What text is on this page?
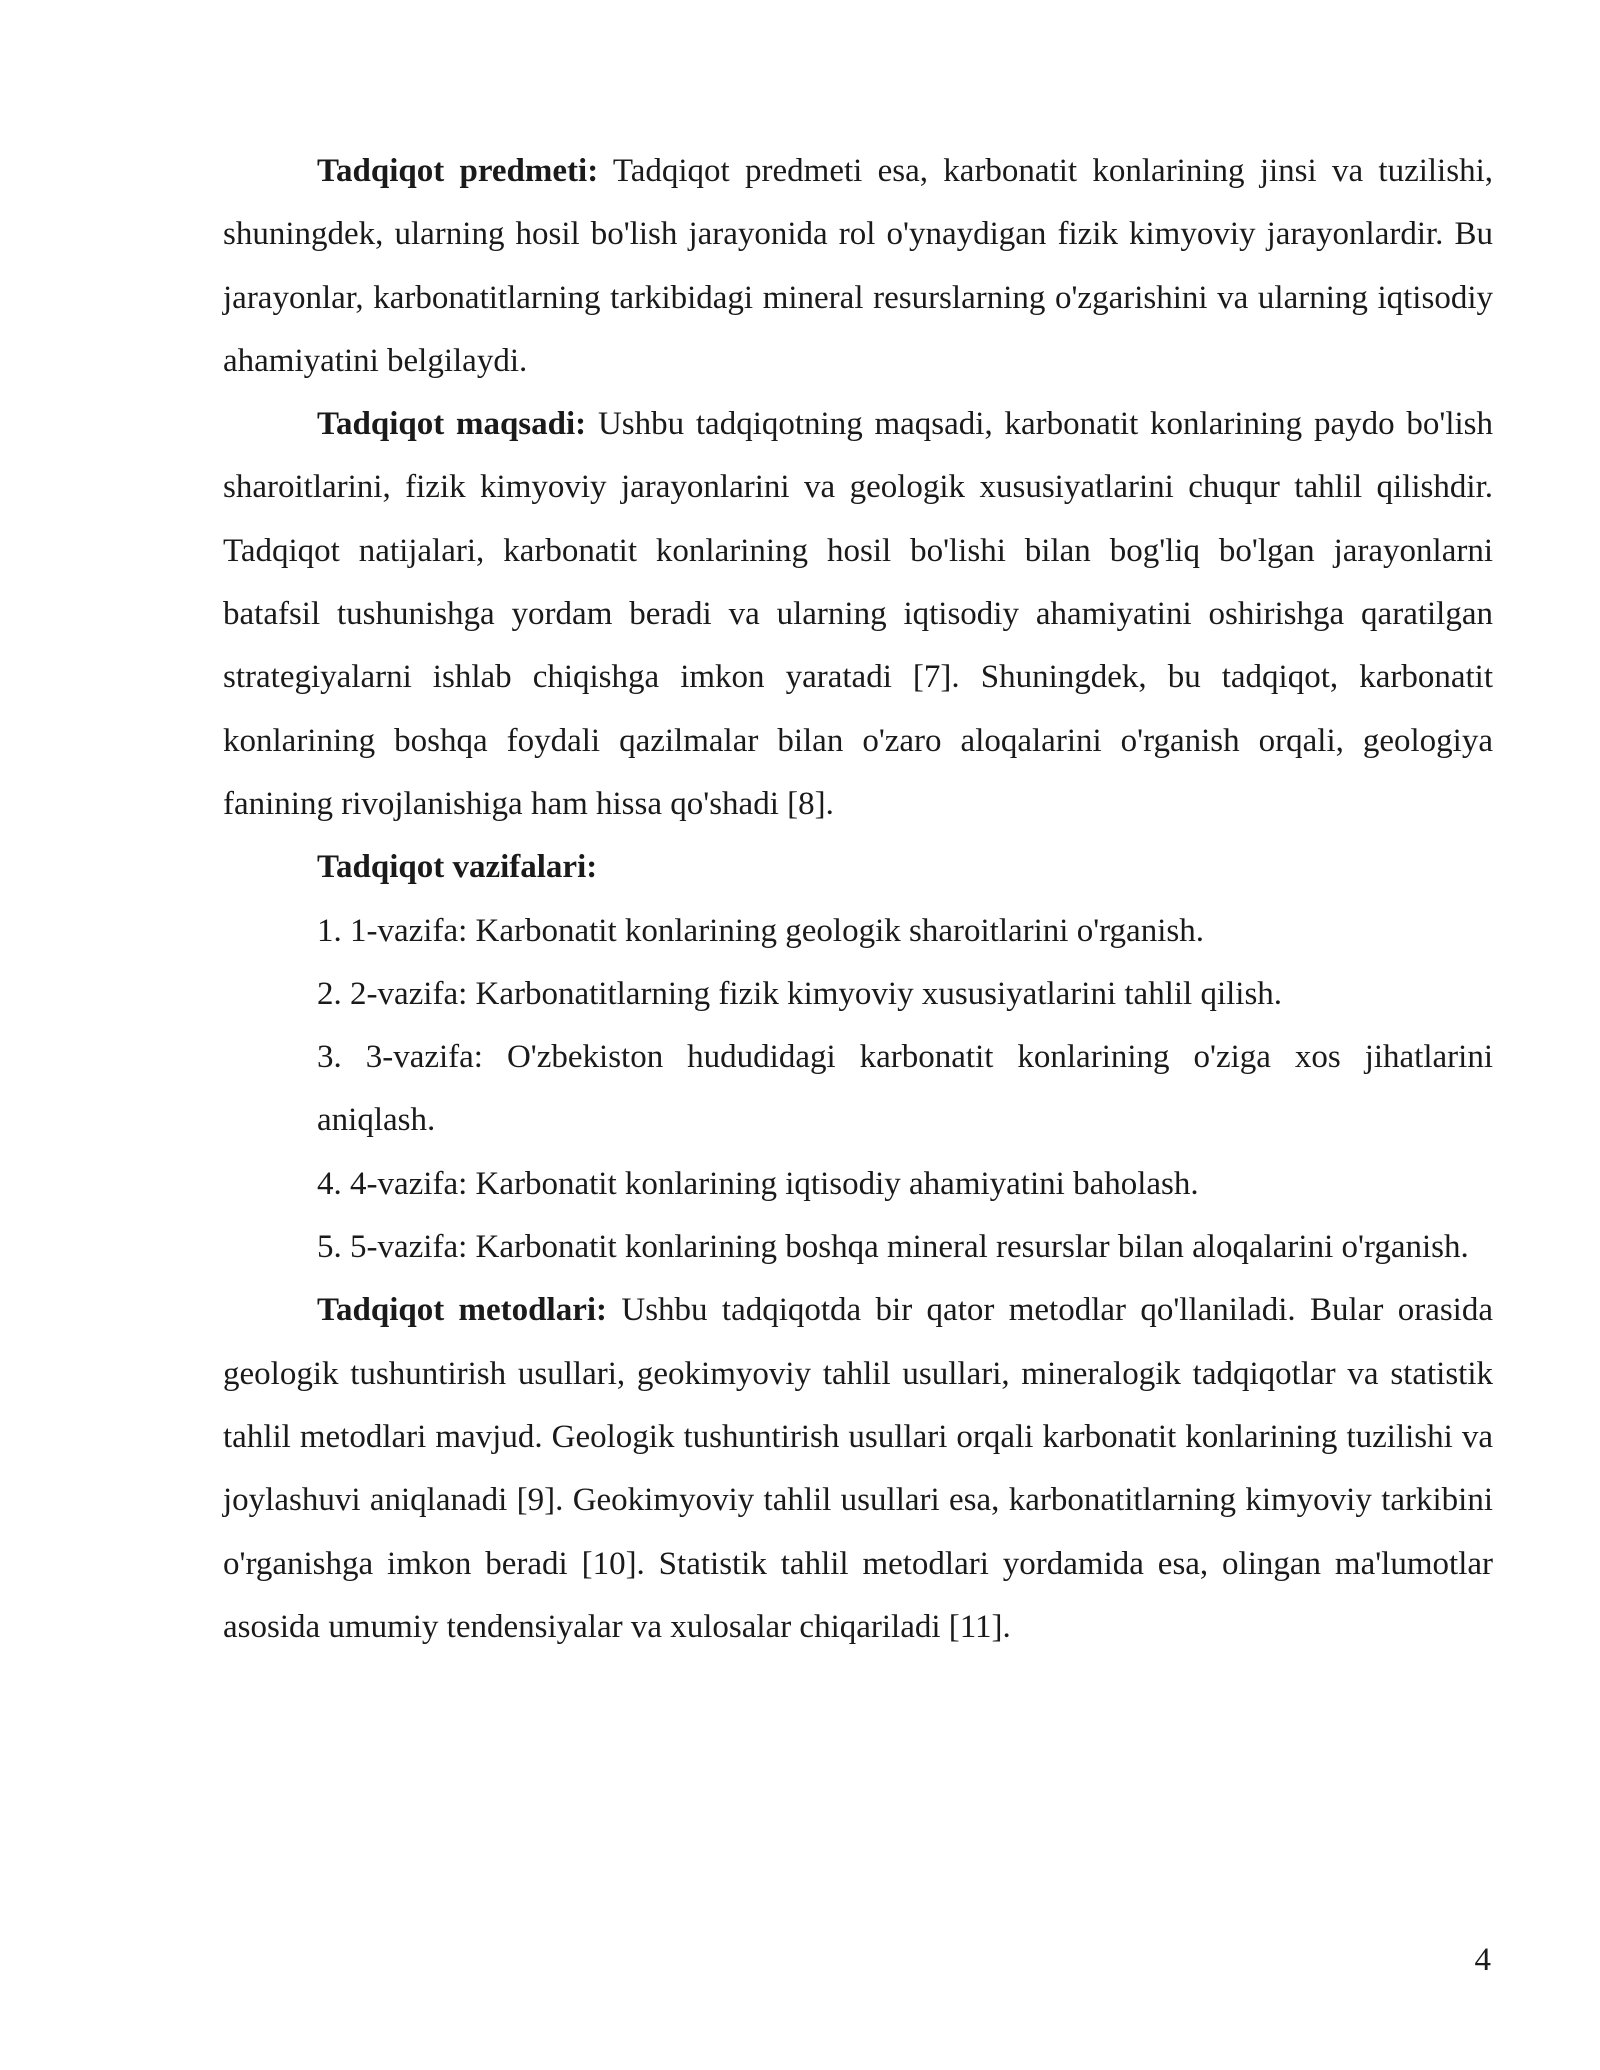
Tadqiqot predmeti: Tadqiqot predmeti esa, karbonatit konlarining jinsi va tuzilishi, shuningdek, ularning hosil bo'lish jarayonida rol o'ynaydigan fizik kimyoviy jarayonlardir. Bu jarayonlar, karbonatitlarning tarkibidagi mineral resurslarning o'zgarishini va ularning iqtisodiy ahamiyatini belgilaydi.

Tadqiqot maqsadi: Ushbu tadqiqotning maqsadi, karbonatit konlarining paydo bo'lish sharoitlarini, fizik kimyoviy jarayonlarini va geologik xususiyatlarini chuqur tahlil qilishdir. Tadqiqot natijalari, karbonatit konlarining hosil bo'lishi bilan bog'liq bo'lgan jarayonlarni batafsil tushunishga yordam beradi va ularning iqtisodiy ahamiyatini oshirishga qaratilgan strategiyalarni ishlab chiqishga imkon yaratadi [7]. Shuningdek, bu tadqiqot, karbonatit konlarining boshqa foydali qazilmalar bilan o'zaro aloqalarini o'rganish orqali, geologiya fanining rivojlanishiga ham hissa qo'shadi [8].

Tadqiqot vazifalari:

1. 1-vazifa: Karbonatit konlarining geologik sharoitlarini o'rganish.

2. 2-vazifa: Karbonatitlarning fizik kimyoviy xususiyatlarini tahlil qilish.

3. 3-vazifa: O'zbekiston hududidagi karbonatit konlarining o'ziga xos jihatlarini aniqlash.

4. 4-vazifa: Karbonatit konlarining iqtisodiy ahamiyatini baholash.

5. 5-vazifa: Karbonatit konlarining boshqa mineral resurslar bilan aloqalarini o'rganish.

Tadqiqot metodlari: Ushbu tadqiqotda bir qator metodlar qo'llaniladi. Bular orasida geologik tushuntirish usullari, geokimyoviy tahlil usullari, mineralogik tadqiqotlar va statistik tahlil metodlari mavjud. Geologik tushuntirish usullari orqali karbonatit konlarining tuzilishi va joylashuvi aniqlanadi [9]. Geokimyoviy tahlil usullari esa, karbonatitlarning kimyoviy tarkibini o'rganishga imkon beradi [10]. Statistik tahlil metodlari yordamida esa, olingan ma'lumotlar asosida umumiy tendensiyalar va xulosalar chiqariladi [11].

4
